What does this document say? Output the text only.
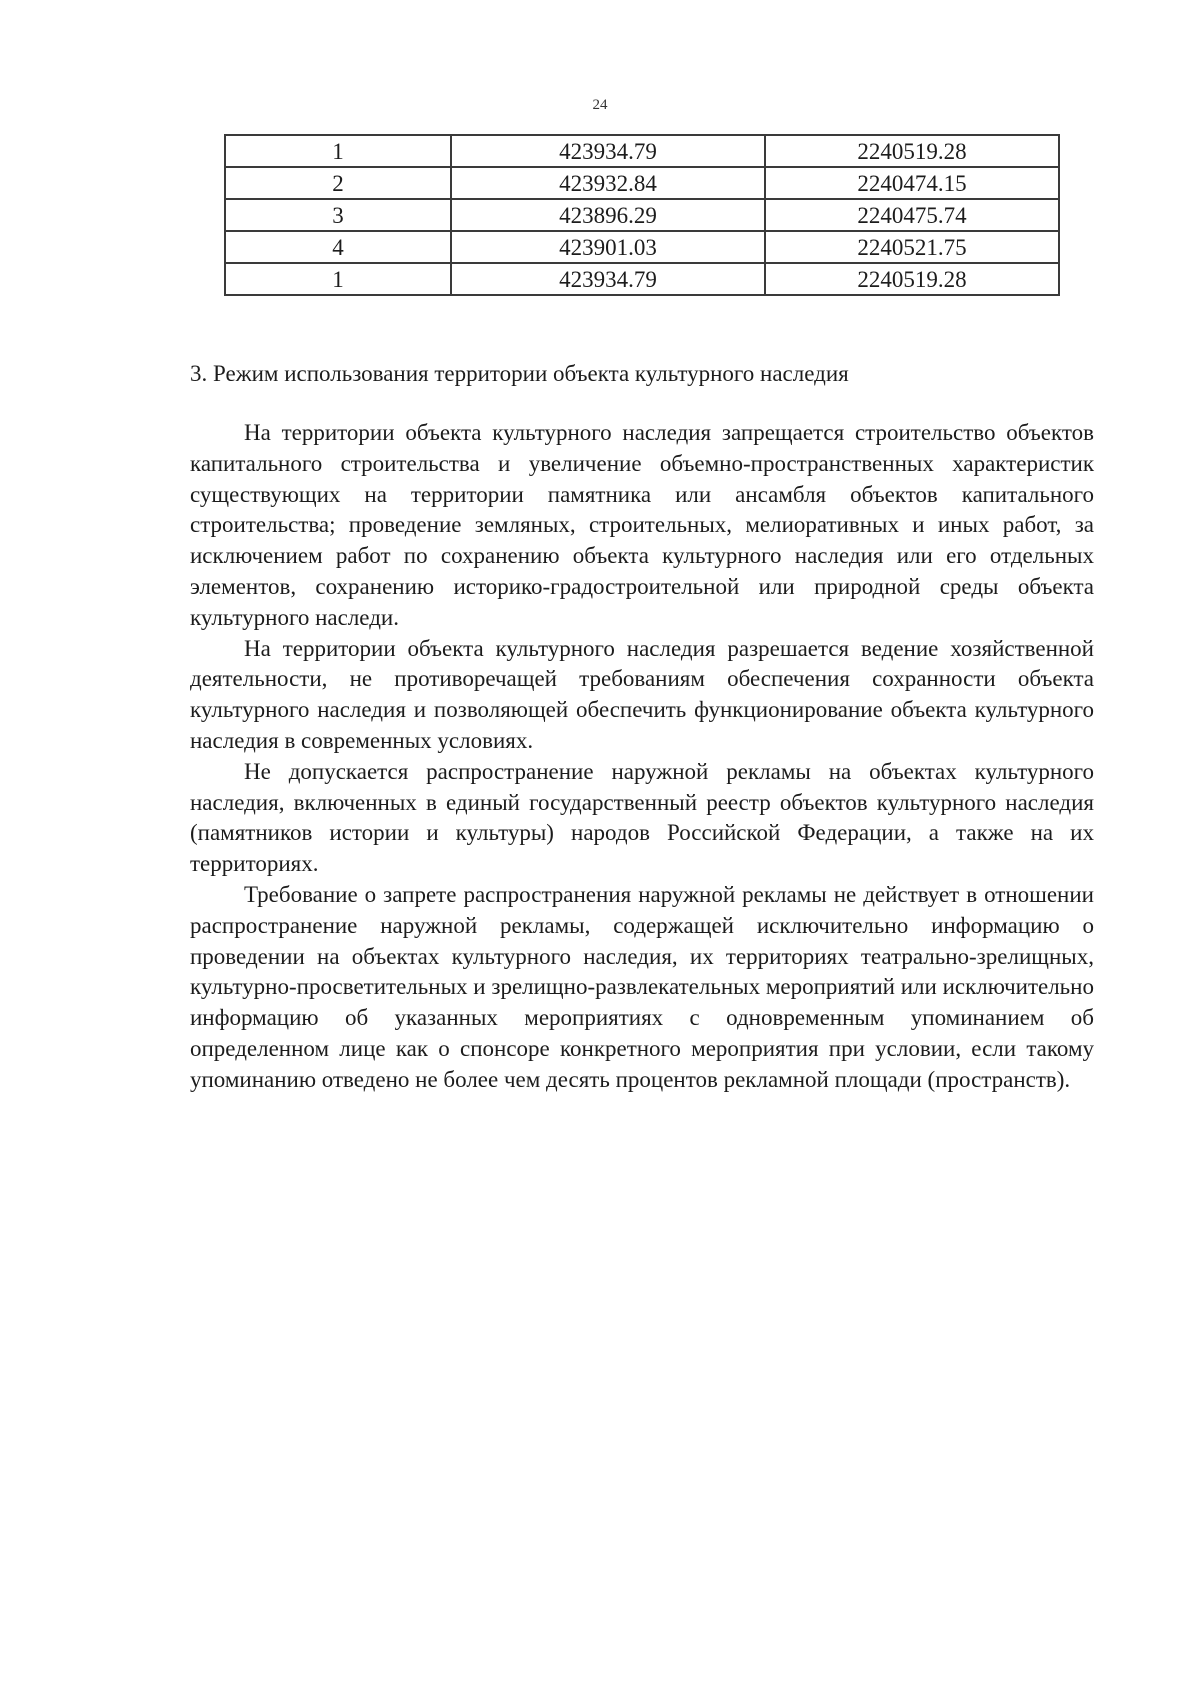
24
1	423934.79	2240519.28
2	423932.84	2240474.15
3	423896.29	2240475.74
4	423901.03	2240521.75
1	423934.79	2240519.28
3. Режим использования территории объекта культурного наследия

На территории объекта культурного наследия запрещается строительство объектов капитального строительства и увеличение объемно-пространственных характеристик существующих на территории памятника или ансамбля объектов капитального строительства; проведение земляных, строительных, мелиоративных и иных работ, за исключением работ по сохранению объекта культурного наследия или его отдельных элементов, сохранению историко-градостроительной или природной среды объекта культурного наследи.

На территории объекта культурного наследия разрешается ведение хозяйственной деятельности, не противоречащей требованиям обеспечения сохранности объекта культурного наследия и позволяющей обеспечить функционирование объекта культурного наследия в современных условиях.

Не допускается распространение наружной рекламы на объектах культурного наследия, включенных в единый государственный реестр объектов культурного наследия (памятников истории и культуры) народов Российской Федерации, а также на их территориях.

Требование о запрете распространения наружной рекламы не действует в отношении распространение наружной рекламы, содержащей исключительно информацию о проведении на объектах культурного наследия, их территориях театрально-зрелищных, культурно-просветительных и зрелищно-развлекательных мероприятий или исключительно информацию об указанных мероприятиях с одновременным упоминанием об определенном лице как о спонсоре конкретного мероприятия при условии, если такому упоминанию отведено не более чем десять процентов рекламной площади (пространств).
